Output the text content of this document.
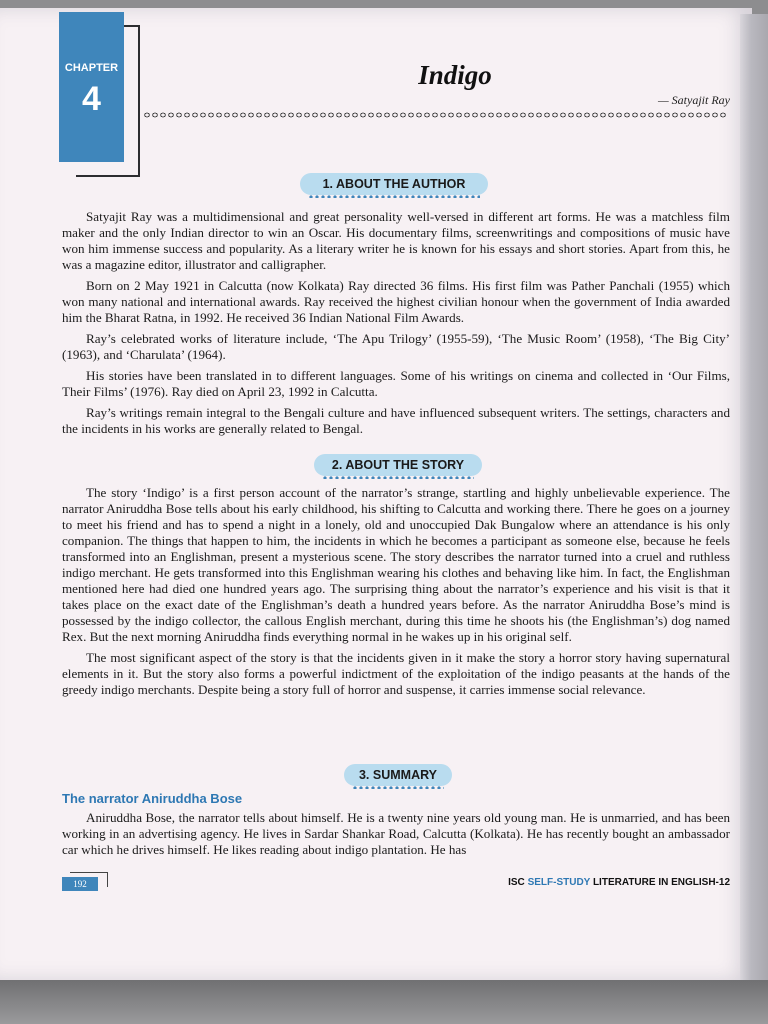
CHAPTER
4
Indigo
— Satyajit Ray
1. ABOUT THE AUTHOR

Satyajit Ray was a multidimensional and great personality well-versed in different art forms. He was a matchless film maker and the only Indian director to win an Oscar. His documentary films, screenwritings and compositions of music have won him immense success and popularity. As a literary writer he is known for his essays and short stories. Apart from this, he was a magazine editor, illustrator and calligrapher.

Born on 2 May 1921 in Calcutta (now Kolkata) Ray directed 36 films. His first film was Pather Panchali (1955) which won many national and international awards. Ray received the highest civilian honour when the government of India awarded him the Bharat Ratna, in 1992. He received 36 Indian National Film Awards.

Ray’s celebrated works of literature include, ‘The Apu Trilogy’ (1955-59), ‘The Music Room’ (1958), ‘The Big City’ (1963), and ‘Charulata’ (1964).

His stories have been translated in to different languages. Some of his writings on cinema and collected in ‘Our Films, Their Films’ (1976). Ray died on April 23, 1992 in Calcutta.

Ray’s writings remain integral to the Bengali culture and have influenced subsequent writers. The settings, characters and the incidents in his works are generally related to Bengal.

2. ABOUT THE STORY

The story ‘Indigo’ is a first person account of the narrator’s strange, startling and highly unbelievable experience. The narrator Aniruddha Bose tells about his early childhood, his shifting to Calcutta and working there. There he goes on a journey to meet his friend and has to spend a night in a lonely, old and unoccupied Dak Bungalow where an attendance is his only companion. The things that happen to him, the incidents in which he becomes a participant as someone else, because he feels transformed into an Englishman, present a mysterious scene. The story describes the narrator turned into a cruel and ruthless indigo merchant. He gets transformed into this Englishman wearing his clothes and behaving like him. In fact, the Englishman mentioned here had died one hundred years ago. The surprising thing about the narrator’s experience and his visit is that it takes place on the exact date of the Englishman’s death a hundred years before. As the narrator Aniruddha Bose’s mind is possessed by the indigo collector, the callous English merchant, during this time he shoots his (the Englishman’s) dog named Rex. But the next morning Aniruddha finds everything normal in he wakes up in his original self.

The most significant aspect of the story is that the incidents given in it make the story a horror story having supernatural elements in it. But the story also forms a powerful indictment of the exploitation of the indigo peasants at the hands of the greedy indigo merchants. Despite being a story full of horror and suspense, it carries immense social relevance.

3. SUMMARY
The narrator Aniruddha Bose

Aniruddha Bose, the narrator tells about himself. He is a twenty nine years old young man. He is unmarried, and has been working in an advertising agency. He lives in Sardar Shankar Road, Calcutta (Kolkata). He has recently bought an ambassador car which he drives himself. He likes reading about indigo plantation. He has

192	ISC SELF-STUDY LITERATURE IN ENGLISH-12
